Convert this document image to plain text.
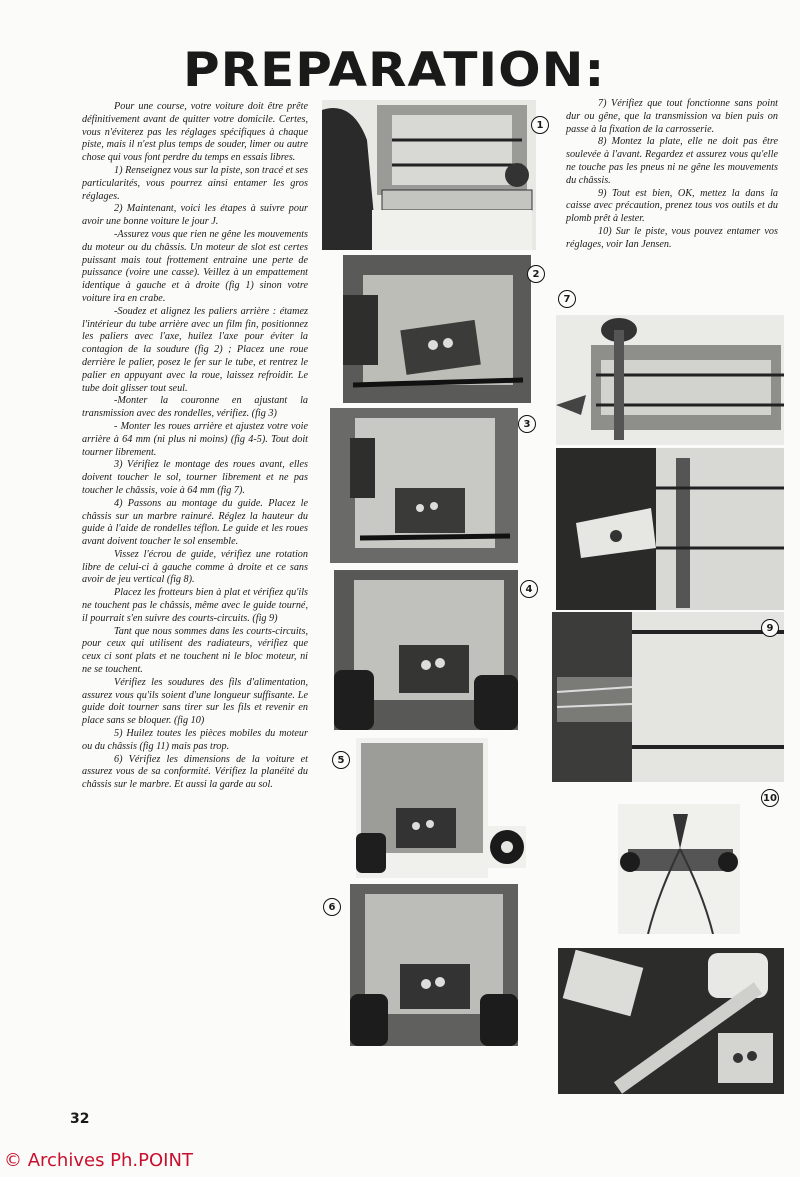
PREPARATION:

Pour une course, votre voiture doit être prête définitivement avant de quitter votre domicile. Certes, vous n'éviterez pas les réglages spécifiques à chaque piste, mais il n'est plus temps de souder, limer ou autre chose qui vous font perdre du temps en essais libres.

1) Renseignez vous sur la piste, son tracé et ses particularités, vous pourrez ainsi entamer les gros réglages.

2) Maintenant, voici les étapes à suivre pour avoir une bonne voiture le jour J.

-Assurez vous que rien ne gêne les mouvements du moteur ou du châssis. Un moteur de slot est certes puissant mais tout frottement entraine une perte de puissance (voire une casse). Veillez à un empattement identique à gauche et à droite (fig 1) sinon votre voiture ira en crabe.

-Soudez et alignez les paliers arrière : étamez l'intérieur du tube arrière avec un film fin, positionnez les paliers avec l'axe, huilez l'axe pour éviter la contagion de la soudure (fig 2) ; Placez une roue derrière le palier, posez le fer sur le tube, et rentrez le palier en appuyant avec la roue, laissez refroidir. Le tube doit glisser tout seul.

-Monter la couronne en ajustant la transmission avec des rondelles, vérifiez. (fig 3)

- Monter les roues arrière et ajustez votre voie arrière à 64 mm (ni plus ni moins) (fig 4-5). Tout doit tourner librement.

3) Vérifiez le montage des roues avant, elles doivent toucher le sol, tourner librement et ne pas toucher le châssis, voie à 64 mm (fig 7).

4) Passons au montage du guide. Placez le châssis sur un marbre rainuré. Réglez la hauteur du guide à l'aide de rondelles téflon. Le guide et les roues avant doivent toucher le sol ensemble.

Vissez l'écrou de guide, vérifiez une rotation libre de celui-ci à gauche comme à droite et ce sans avoir de jeu vertical (fig 8).

Placez les frotteurs bien à plat et vérifiez qu'ils ne touchent pas le châssis, même avec le guide tourné, il pourrait s'en suivre des courts-circuits. (fig 9)

Tant que nous sommes dans les courts-circuits, pour ceux qui utilisent des radiateurs, vérifiez que ceux ci sont plats et ne touchent ni le bloc moteur, ni ne se touchent.

Vérifiez les soudures des fils d'alimentation, assurez vous qu'ils soient d'une longueur suffisante. Le guide doit tourner sans tirer sur les fils et revenir en place sans se bloquer. (fig 10)

5) Huilez toutes les pièces mobiles du moteur ou du châssis (fig 11) mais pas trop.

6) Vérifiez les dimensions de la voiture et assurez vous de sa conformité. Vérifiez la planéité du châssis sur le marbre. Et aussi la garde au sol.

7) Vérifiez que tout fonctionne sans point dur ou gêne, que la transmission va bien puis on passe à la fixation de la carrosserie.

8) Montez la plate, elle ne doit pas être soulevée à l'avant. Regardez et assurez vous qu'elle ne touche pas les pneus ni ne gêne les mouvements du châssis.

9) Tout est bien, OK, mettez la dans la caisse avec précaution, prenez tous vos outils et du plomb prêt à lester.

10) Sur le piste, vous pouvez entamer vos réglages, voir Ian Jensen.

1
2
3
4
5
6
7
9
10
32
© Archives Ph.POINT
